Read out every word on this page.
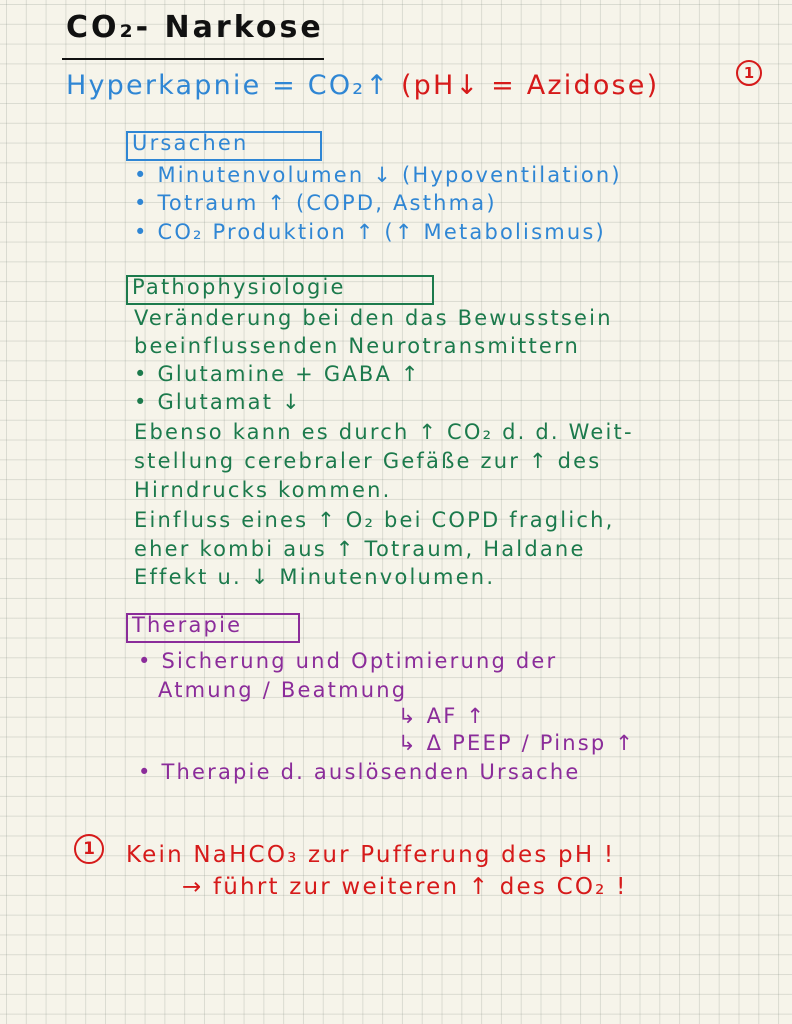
CO₂- Narkose
Hyperkapnie = CO₂↑ (pH↓ = Azidose)	1
Ursachen
• Minutenvolumen ↓ (Hypoventilation)
• Totraum ↑ (COPD, Asthma)
• CO₂ Produktion ↑ (↑ Metabolismus)
Pathophysiologie
Veränderung bei den das Bewusstsein
beeinflussenden Neurotransmittern
• Glutamine + GABA ↑
• Glutamat ↓
Ebenso kann es durch ↑ CO₂ d. d. Weit-
stellung cerebraler Gefäße zur ↑ des
Hirndrucks kommen.
Einfluss eines ↑ O₂ bei COPD fraglich,
eher kombi aus ↑ Totraum, Haldane
Effekt u. ↓ Minutenvolumen.
Therapie
• Sicherung und Optimierung der
Atmung / Beatmung
↳ AF ↑
↳ Δ PEEP / Pinsp ↑
• Therapie d. auslösenden Ursache
1	Kein NaHCO₃ zur Pufferung des pH !
→ führt zur weiteren ↑ des CO₂ !
